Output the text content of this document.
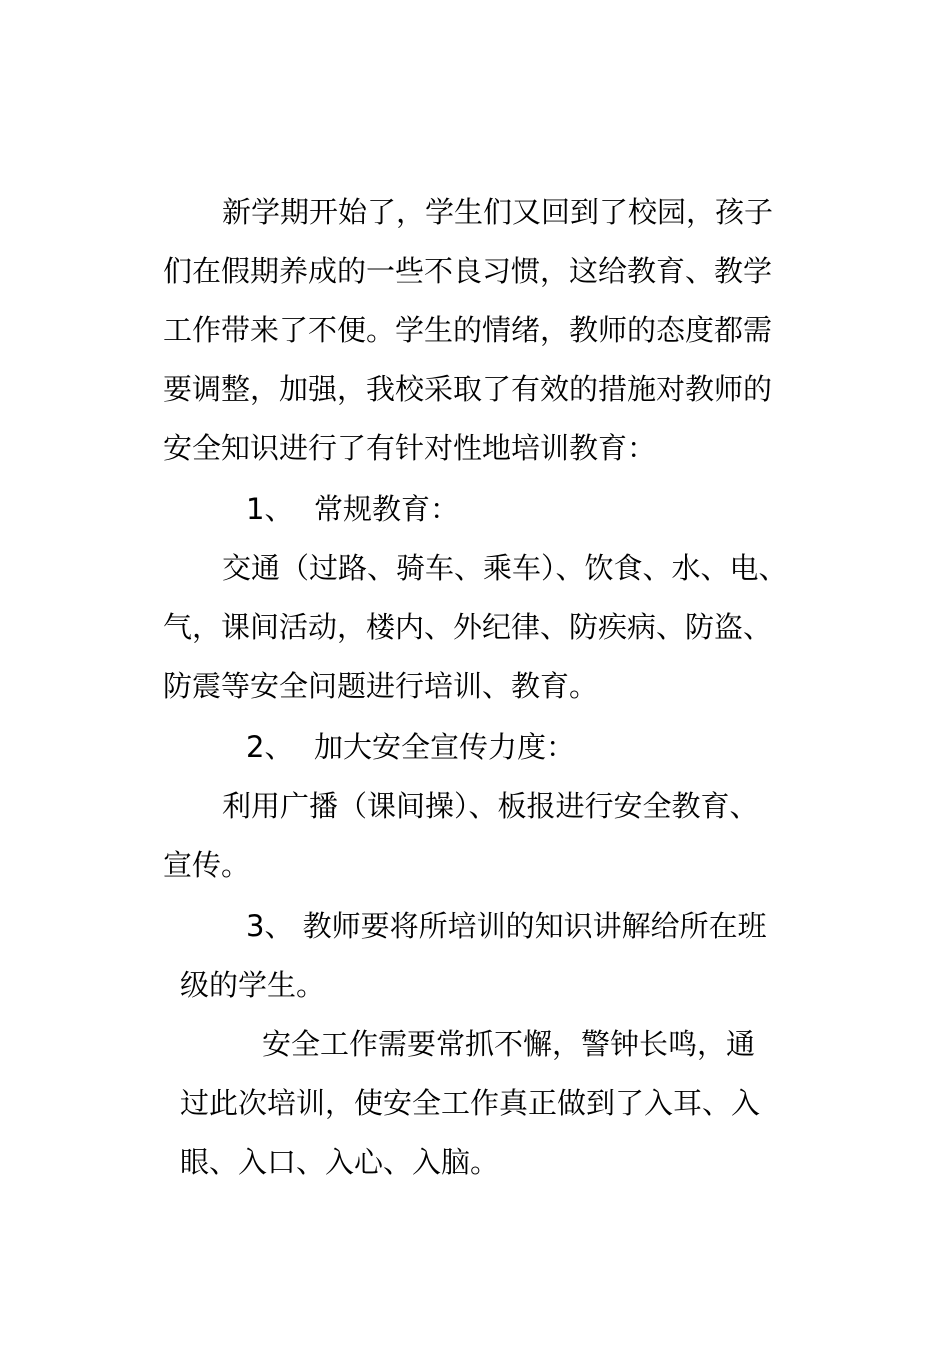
新学期开始了，学生们又回到了校园，孩子

们在假期养成的一些不良习惯，这给教育、教学

工作带来了不便。学生的情绪，教师的态度都需

要调整，加强，我校采取了有效的措施对教师的

安全知识进行了有针对性地培训教育：

1、 常规教育：

交通（过路、骑车、乘车）、饮食、水、电、

气，课间活动，楼内、外纪律、防疾病、防盗、

防震等安全问题进行培训、教育。

2、 加大安全宣传力度：

利用广播（课间操）、板报进行安全教育、

宣传。

3、 教师要将所培训的知识讲解给所在班

级的学生。

安全工作需要常抓不懈，警钟长鸣，通

过此次培训，使安全工作真正做到了入耳、入

眼、入口、入心、入脑。
